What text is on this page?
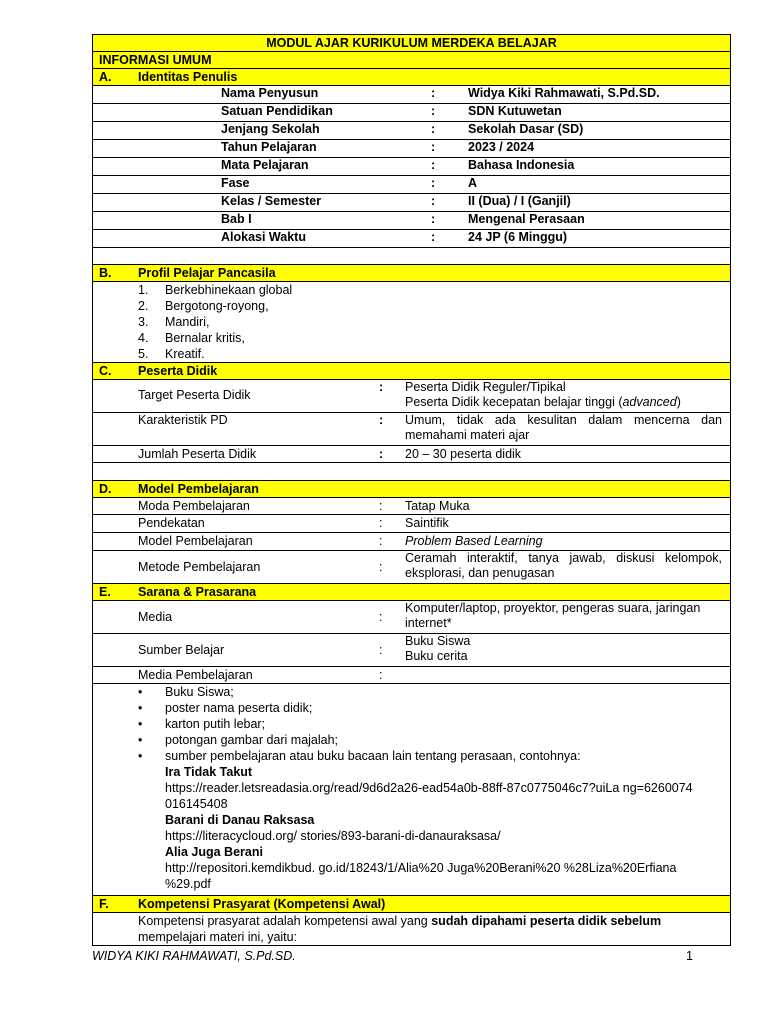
MODUL AJAR KURIKULUM MERDEKA BELAJAR
INFORMASI UMUM
A.	Identitas Penulis
Nama Penyusun	:	Widya Kiki Rahmawati, S.Pd.SD.
Satuan Pendidikan	:	SDN Kutuwetan
Jenjang Sekolah	:	Sekolah Dasar (SD)
Tahun Pelajaran	:	2023 / 2024
Mata Pelajaran	:	Bahasa Indonesia
Fase	:	A
Kelas / Semester	:	II (Dua) / I (Ganjil)
Bab I	:	Mengenal Perasaan
Alokasi Waktu	:	24 JP (6 Minggu)
B.	Profil Pelajar Pancasila
1. Berkebhinekaan global
2. Bergotong-royong,
3. Mandiri,
4. Bernalar kritis,
5. Kreatif.
C.	Peserta Didik
Target Peserta Didik
: Peserta Didik Reguler/Tipikal
Peserta Didik kecepatan belajar tinggi (advanced)
Karakteristik PD	: Umum, tidak ada kesulitan dalam mencerna dan memahami materi ajar
Jumlah Peserta Didik	: 20 – 30 peserta didik
D.	Model Pembelajaran
Moda Pembelajaran	: Tatap Muka
Pendekatan	: Saintifik
Model Pembelajaran	: Problem Based Learning
Metode Pembelajaran	:
Ceramah interaktif, tanya jawab, diskusi kelompok, eksplorasi, dan penugasan
E.	Sarana & Prasarana
Media	:
Komputer/laptop, proyektor, pengeras suara, jaringan internet*
Sumber Belajar	:
Buku Siswa
Buku cerita
Media Pembelajaran	:
• Buku Siswa;
• poster nama peserta didik;
• karton putih lebar;
• potongan gambar dari majalah;
• sumber pembelajaran atau buku bacaan lain tentang perasaan, contohnya:
Ira Tidak Takut
https://reader.letsreadasia.org/read/9d6d2a26-ead54a0b-88ff-87c0775046c7?uiLa ng=6260074 016145408
Barani di Danau Raksasa
https://literacycloud.org/ stories/893-barani-di-danauraksasa/
Alia Juga Berani
http://repositori.kemdikbud. go.id/18243/1/Alia%20 Juga%20Berani%20 %28Liza%20Erfiana %29.pdf
F.	Kompetensi Prasyarat (Kompetensi Awal)
Kompetensi prasyarat adalah kompetensi awal yang sudah dipahami peserta didik sebelum
mempelajari materi ini, yaitu:
WIDYA KIKI RAHMAWATI, S.Pd.SD.	1
